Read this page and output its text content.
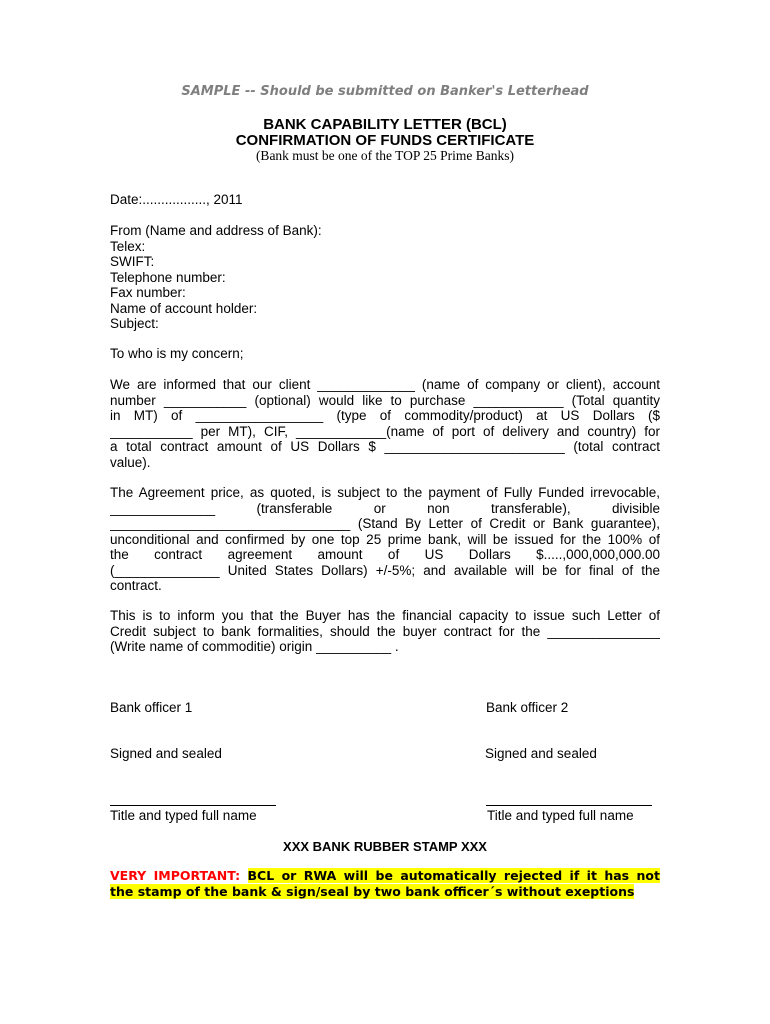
SAMPLE -- Should be submitted on Banker's Letterhead
BANK CAPABILITY LETTER (BCL)
CONFIRMATION OF FUNDS CERTIFICATE
(Bank must be one of the TOP 25 Prime Banks)
Date:................., 2011
From (Name and address of Bank):
Telex:
SWIFT:
Telephone number:
Fax number:
Name of account holder:
Subject:
To who is my concern;
We are informed that our client _____________ (name of company or client), account
number ___________ (optional) would like to purchase ____________ (Total quantity
in MT) of _________________ (type of commodity/product) at US Dollars ($
___________ per MT), CIF, ____________(name of port of delivery and country) for
a total contract amount of US Dollars $ ________________________ (total contract
value).
The Agreement price, as quoted, is subject to the payment of Fully Funded irrevocable,
______________ (transferable or non transferable), divisible
________________________________ (Stand By Letter of Credit or Bank guarantee),
unconditional and confirmed by one top 25 prime bank, will be issued for the 100% of
the contract agreement amount of US Dollars $.....,000,000,000.00
(______________ United States Dollars) +/-5%; and available will be for final of the
contract.
This is to inform you that the Buyer has the financial capacity to issue such Letter of
Credit subject to bank formalities, should the buyer contract for the _______________
(Write name of commoditie) origin __________ .
Bank officer 1	Bank officer 2
Signed and sealed	Signed and sealed
Title and typed full name	Title and typed full name
XXX BANK RUBBER STAMP XXX
VERY IMPORTANT: BCL or RWA will be automatically rejected if it has not
the stamp of the bank & sign/seal by two bank officer´s without exeptions
